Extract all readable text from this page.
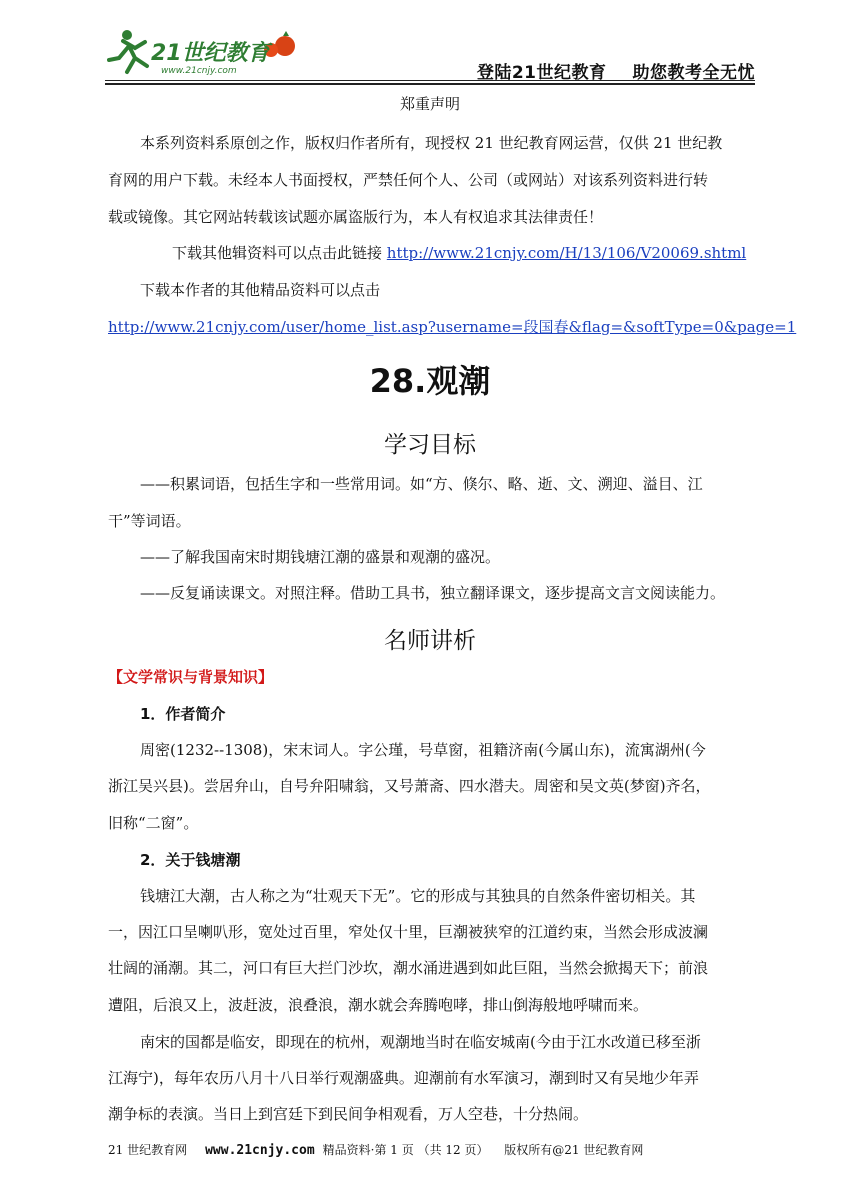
21世纪教育
www.21cnjy.com	登陆21世纪教育 助您教考全无忧
郑重声明
本系列资料系原创之作，版权归作者所有，现授权 21 世纪教育网运营，仅供 21 世纪教
育网的用户下载。未经本人书面授权，严禁任何个人、公司（或网站）对该系列资料进行转
载或镜像。其它网站转载该试题亦属盗版行为，本人有权追求其法律责任！
下载其他辑资料可以点击此链接 http://www.21cnjy.com/H/13/106/V20069.shtml
下载本作者的其他精品资料可以点击
http://www.21cnjy.com/user/home_list.asp?username=段国春&flag=&softType=0&page=1
28.观潮
学习目标
——积累词语，包括生字和一些常用词。如“方、倏尔、略、逝、文、溯迎、溢目、江
干”等词语。
——了解我国南宋时期钱塘江潮的盛景和观潮的盛况。
——反复诵读课文。对照注释。借助工具书，独立翻译课文，逐步提高文言文阅读能力。
名师讲析
【文学常识与背景知识】
1．作者简介
周密(1232--1308)，宋末词人。字公瑾，号草窗，祖籍济南(今属山东)，流寓湖州(今
浙江吴兴县)。尝居弁山，自号弁阳啸翁，又号萧斋、四水潜夫。周密和吴文英(梦窗)齐名，
旧称“二窗”。
2．关于钱塘潮
钱塘江大潮，古人称之为“壮观天下无”。它的形成与其独具的自然条件密切相关。其
一，因江口呈喇叭形，宽处过百里，窄处仅十里，巨潮被狭窄的江道约束，当然会形成波澜
壮阔的涌潮。其二，河口有巨大拦门沙坎，潮水涌进遇到如此巨阻，当然会掀揭天下；前浪
遭阻，后浪又上，波赶波，浪叠浪，潮水就会奔腾咆哮，排山倒海般地呼啸而来。
南宋的国都是临安，即现在的杭州，观潮地当时在临安城南(今由于江水改道已移至浙
江海宁)，每年农历八月十八日举行观潮盛典。迎潮前有水军演习，潮到时又有吴地少年弄
潮争标的表演。当日上到宫廷下到民间争相观看，万人空巷，十分热闹。
21 世纪教育网 www.21cnjy.com 精品资料·第 1 页 （共 12 页） 版权所有@21 世纪教育网
